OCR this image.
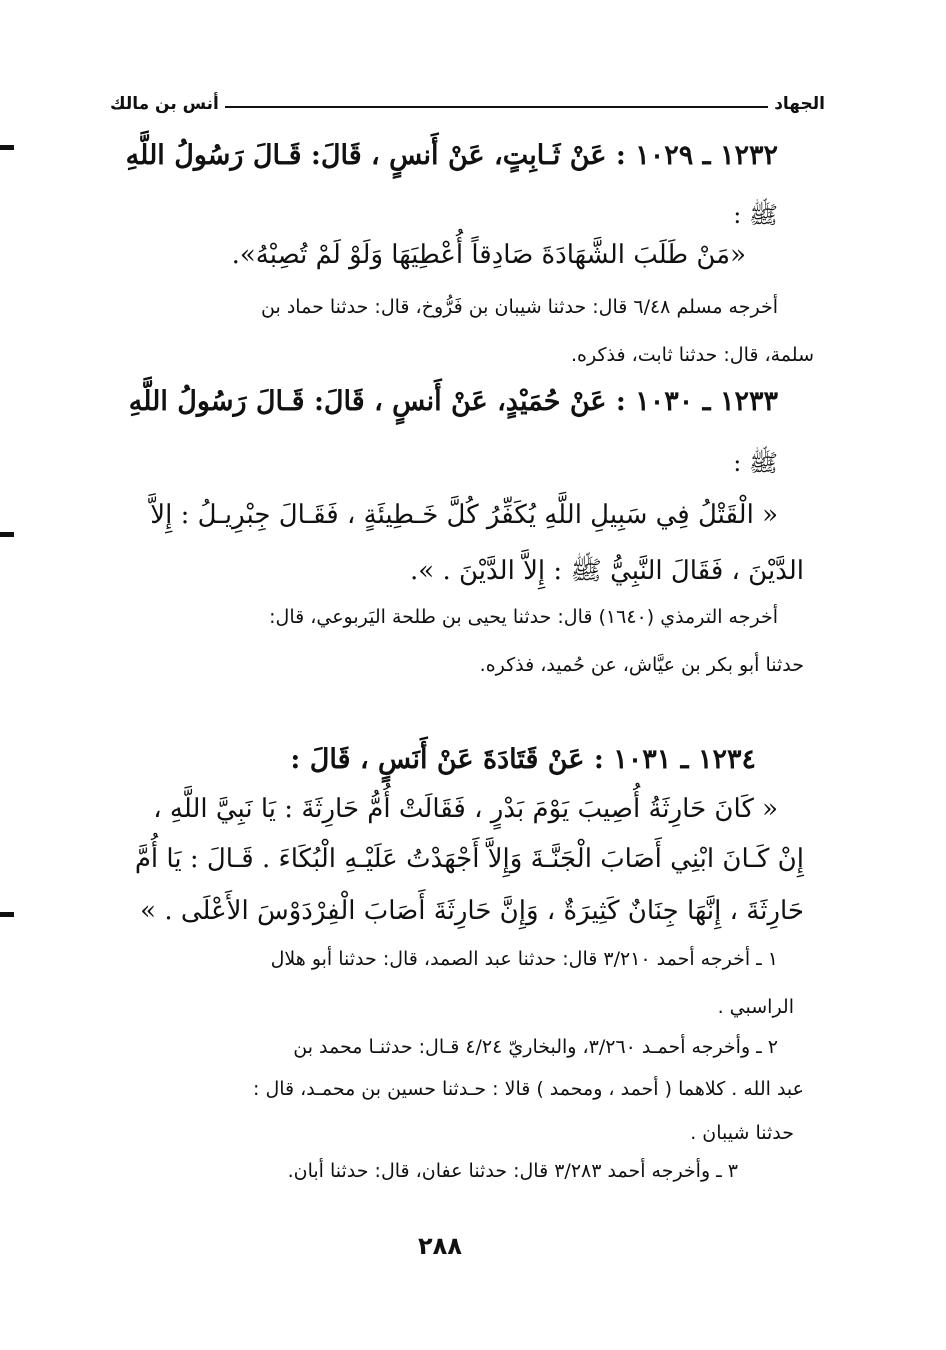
الجهاد
أنس بن مالك
١٢٣٢ ـ ١٠٢٩ : عَنْ ثَـابِتٍ، عَنْ أَنسٍ ، قَالَ: قَـالَ رَسُولُ اللَّهِ
ﷺ :
«مَنْ طَلَبَ الشَّهَادَةَ صَادِقاً أُعْطِيَهَا وَلَوْ لَمْ تُصِبْهُ».
أخرجه مسلم ٦/٤٨ قال: حدثنا شيبان بن فَرُّوخ، قال: حدثنا حماد بن
سلمة، قال: حدثنا ثابت، فذكره.
١٢٣٣ ـ ١٠٣٠ : عَنْ حُمَيْدٍ، عَنْ أَنسٍ ، قَالَ: قَـالَ رَسُولُ اللَّهِ
ﷺ :
« الْقَتْلُ فِي سَبِيلِ اللَّهِ يُكَفِّرُ كُلَّ خَـطِيئَةٍ ، فَقَـالَ جِبْرِيـلُ : إِلاَّ
الدَّيْنَ ، فَقَالَ النَّبِيُّ ﷺ : إِلاَّ الدَّيْنَ . ».
أخرجه الترمذي (١٦٤٠) قال: حدثنا يحيى بن طلحة اليَربوعي، قال:
حدثنا أبو بكر بن عيَّاش، عن حُميد، فذكره.
١٢٣٤ ـ ١٠٣١ : عَنْ قَتَادَةَ عَنْ أَنَسٍ ، قَالَ :
« كَانَ حَارِثَةُ أُصِيبَ يَوْمَ بَدْرٍ ، فَقَالَتْ أُمُّ حَارِثَةَ : يَا نَبِيَّ اللَّهِ ،
إِنْ كَـانَ ابْنِي أَصَابَ الْجَنَّـةَ وَإِلاَّ أَجْهَدْتُ عَلَيْـهِ الْبُكَاءَ . قَـالَ : يَا أُمَّ
حَارِثَةَ ، إِنَّهَا جِنَانٌ كَثِيرَةٌ ، وَإِنَّ حَارِثَةَ أَصَابَ الْفِرْدَوْسَ الأَعْلَى . »
١ ـ أخرجه أحمد ٣/٢١٠ قال: حدثنا عبد الصمد، قال: حدثنا أبو هلال
الراسبي .
٢ ـ وأخرجه أحمـد ٣/٢٦٠، والبخاريّ ٤/٢٤ قـال: حدثنـا محمد بن
عبد الله . كلاهما ( أحمد ، ومحمد ) قالا : حـدثنا حسين بن محمـد، قال :
حدثنا شيبان .
٣ ـ وأخرجه أحمد ٣/٢٨٣ قال: حدثنا عفان، قال: حدثنا أبان.
٢٨٨
